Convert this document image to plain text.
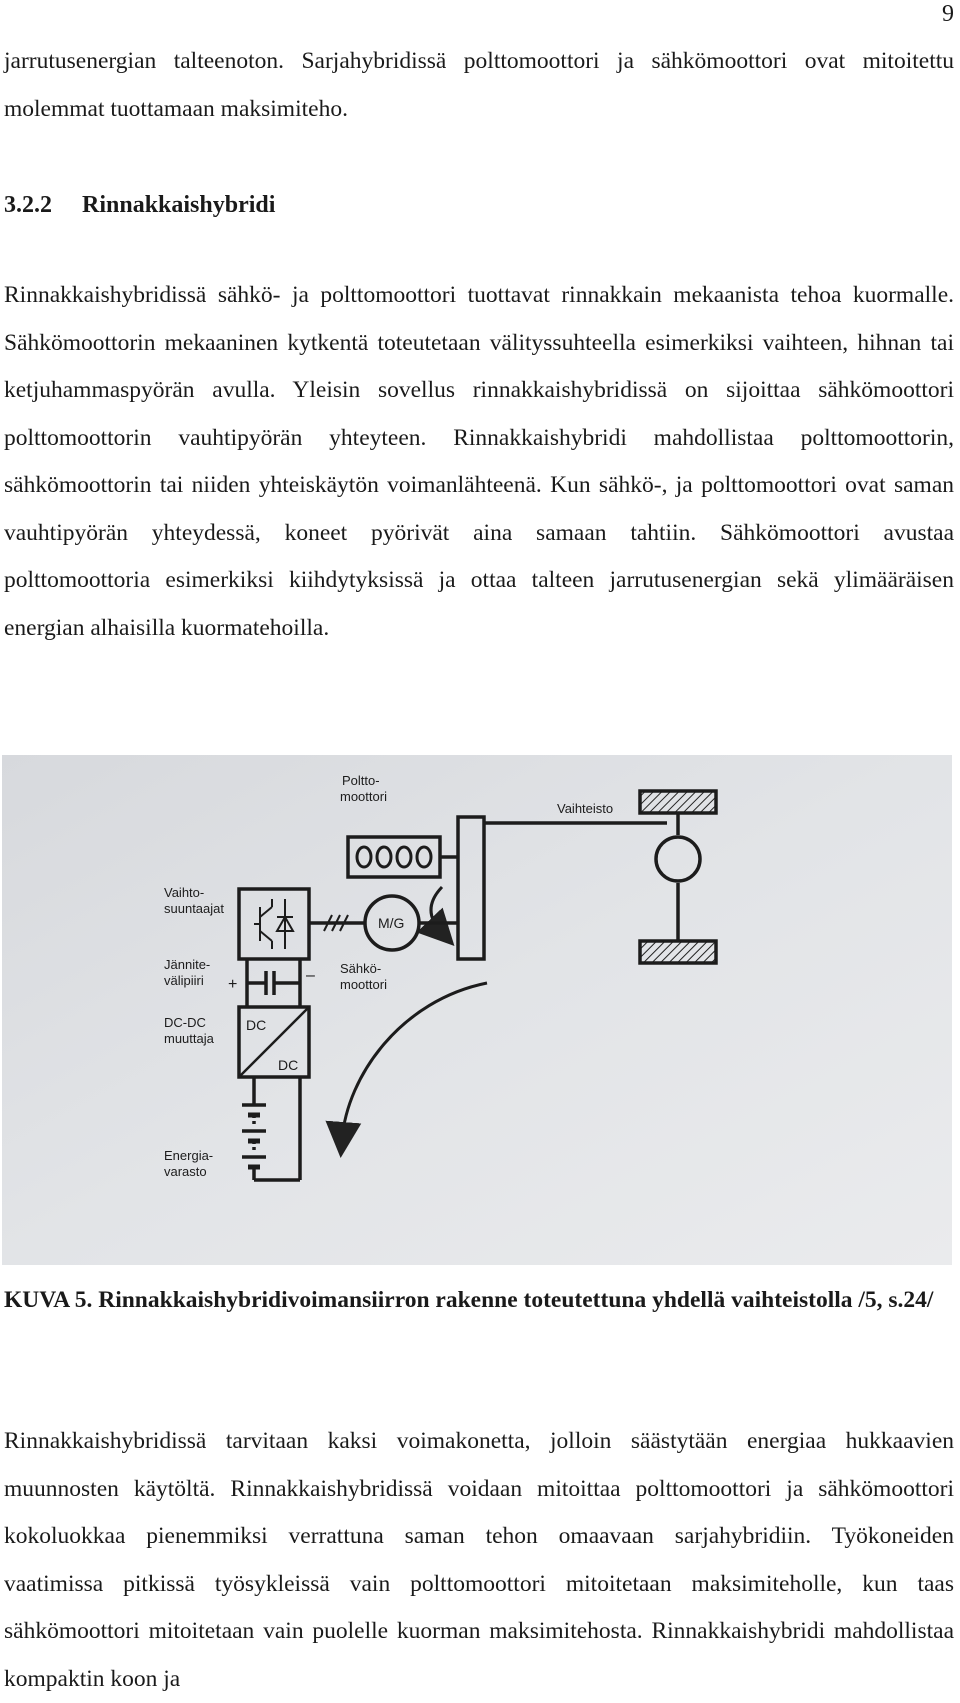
9

jarrutusenergian talteenoton. Sarjahybridissä polttomoottori ja sähkömoottori ovat mitoitettu molemmat tuottamaan maksimiteho.

3.2.2 Rinnakkaishybridi

Rinnakkaishybridissä sähkö- ja polttomoottori tuottavat rinnakkain mekaanista tehoa kuormalle. Sähkömoottorin mekaaninen kytkentä toteutetaan välityssuhteella esimerkiksi vaihteen, hihnan tai ketjuhammaspyörän avulla. Yleisin sovellus rinnakkaishybridissä on sijoittaa sähkömoottori polttomoottorin vauhtipyörän yhteyteen. Rinnakkaishybridi mahdollistaa polttomoottorin, sähkömoottorin tai niiden yhteiskäytön voimanlähteenä. Kun sähkö-, ja polttomoottori ovat saman vauhtipyörän yhteydessä, koneet pyörivät aina samaan tahtiin. Sähkömoottori avustaa polttomoottoria esimerkiksi kiihdytyksissä ja ottaa talteen jarrutusenergian sekä ylimääräisen energian alhaisilla kuormatehoilla.

Poltto-
moottori
Vaihteisto
Vaihto-
suuntaajat
M/G
Sähkö-
moottori
Jännite-
välipiiri +
–
DC-DC
muuttaja
DC
DC
Energia-
varasto

KUVA 5. Rinnakkaishybridivoimansiirron rakenne toteutettuna yhdellä vaihteistolla /5, s.24/

Rinnakkaishybridissä tarvitaan kaksi voimakonetta, jolloin säästytään energiaa hukkaavien muunnosten käytöltä. Rinnakkaishybridissä voidaan mitoittaa polttomoottori ja sähkömoottori kokoluokkaa pienemmiksi verrattuna saman tehon omaavaan sarjahybridiin. Työkoneiden vaatimissa pitkissä työsykleissä vain polttomoottori mitoitetaan maksimiteholle, kun taas sähkömoottori mitoitetaan vain puolelle kuorman maksimitehosta. Rinnakkaishybridi mahdollistaa kompaktin koon ja
